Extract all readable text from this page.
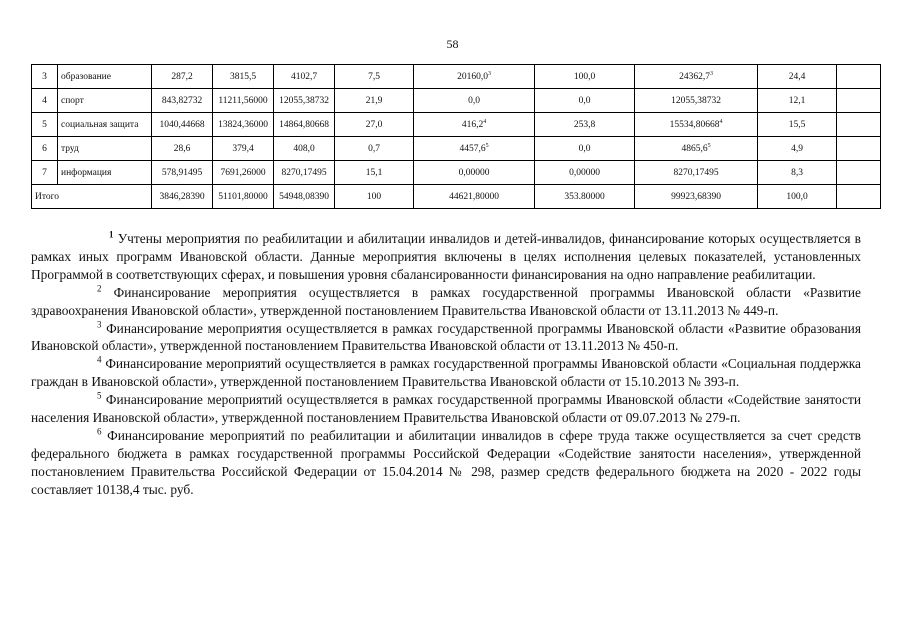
58
3	образование	287,2	3815,5	4102,7	7,5	20160,0$^3$	100,0	24362,7$^3$	24,4	
4	спорт	843,82732	11211,56000	12055,38732	21,9	0,0	0,0	12055,38732	12,1	
5	социальная защита	1040,44668	13824,36000	14864,80668	27,0	416,2$^4$	253,8	15534,80668$^4$	15,5	
6	труд	28,6	379,4	408,0	0,7	4457,6$^5$	0,0	4865,6$^5$	4,9	
7	информация	578,91495	7691,26000	8270,17495	15,1	0,00000	0,00000	8270,17495	8,3	
Итого		3846,28390	51101,80000	54948,08390	100	44621,80000	353.80000	99923,68390	100,0	

$^1$ Учтены мероприятия по реабилитации и абилитации инвалидов и детей-инвалидов, финансирование которых осуществляется в рамках иных программ Ивановской области. Данные мероприятия включены в целях исполнения целевых показателей, установленных Программой в соответствующих сферах, и повышения уровня сбалансированности финансирования на одно направление реабилитации.

$^2$ Финансирование мероприятия осуществляется в рамках государственной программы Ивановской области «Развитие здравоохранения Ивановской области», утвержденной постановлением Правительства Ивановской области от 13.11.2013 № 449-п.

$^3$ Финансирование мероприятия осуществляется в рамках государственной программы Ивановской области «Развитие образования Ивановской области», утвержденной постановлением Правительства Ивановской области от 13.11.2013 № 450-п.

$^4$ Финансирование мероприятий осуществляется в рамках государственной программы Ивановской области «Социальная поддержка граждан в Ивановской области», утвержденной постановлением Правительства Ивановской области от 15.10.2013 № 393-п.

$^5$ Финансирование мероприятий осуществляется в рамках государственной программы Ивановской области «Содействие занятости населения Ивановской области», утвержденной постановлением Правительства Ивановской области от 09.07.2013 № 279-п.

$^6$ Финансирование мероприятий по реабилитации и абилитации инвалидов в сфере труда также осуществляется за счет средств федерального бюджета в рамках государственной программы Российской Федерации «Содействие занятости населения», утвержденной постановлением Правительства Российской Федерации от 15.04.2014 № 298, размер средств федерального бюджета на 2020 - 2022 годы составляет 10138,4 тыс. руб.
